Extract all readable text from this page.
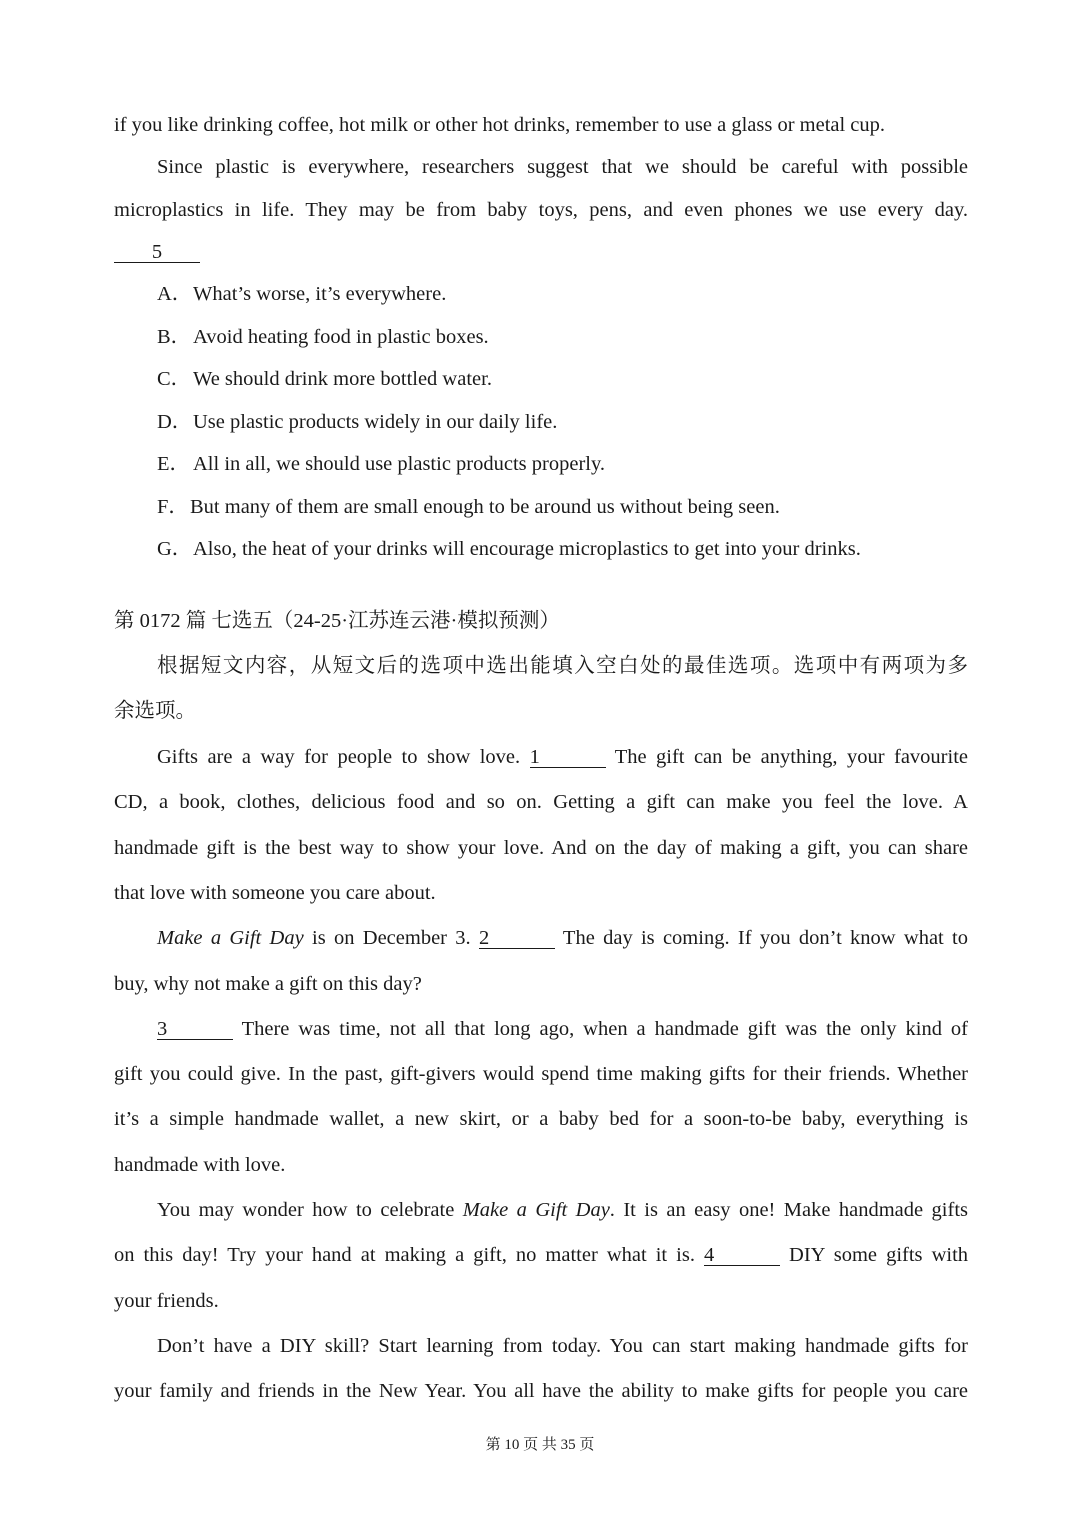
if you like drinking coffee, hot milk or other hot drinks, remember to use a glass or metal cup.
Since plastic is everywhere, researchers suggest that we should be careful with possible
microplastics in life. They may be from baby toys, pens, and even phones we use every day.
5
A．What’s worse, it’s everywhere.
B．Avoid heating food in plastic boxes.
C．We should drink more bottled water.
D．Use plastic products widely in our daily life.
E． All in all, we should use plastic products properly.
F．But many of them are small enough to be around us without being seen.
G．Also, the heat of your drinks will encourage microplastics to get into your drinks.
第 0172 篇 七选五（24-25·江苏连云港·模拟预测）
根据短文内容，从短文后的选项中选出能填入空白处的最佳选项。选项中有两项为多
余选项。
Gifts are a way for people to show love. 1	The gift can be anything, your favourite
CD, a book, clothes, delicious food and so on. Getting a gift can make you feel the love. A
handmade gift is the best way to show your love. And on the day of making a gift, you can share
that love with someone you care about.
Make a Gift Day is on December 3. 2	The day is coming. If you don’t know what to
buy, why not make a gift on this day?
3	There was time, not all that long ago, when a handmade gift was the only kind of
gift you could give. In the past, gift-givers would spend time making gifts for their friends. Whether
it’s a simple handmade wallet, a new skirt, or a baby bed for a soon-to-be baby, everything is
handmade with love.
You may wonder how to celebrate Make a Gift Day. It is an easy one! Make handmade gifts
on this day! Try your hand at making a gift, no matter what it is. 4	DIY some gifts with
your friends.
Don’t have a DIY skill? Start learning from today. You can start making handmade gifts for
your family and friends in the New Year. You all have the ability to make gifts for people you care
第 10 页 共 35 页
